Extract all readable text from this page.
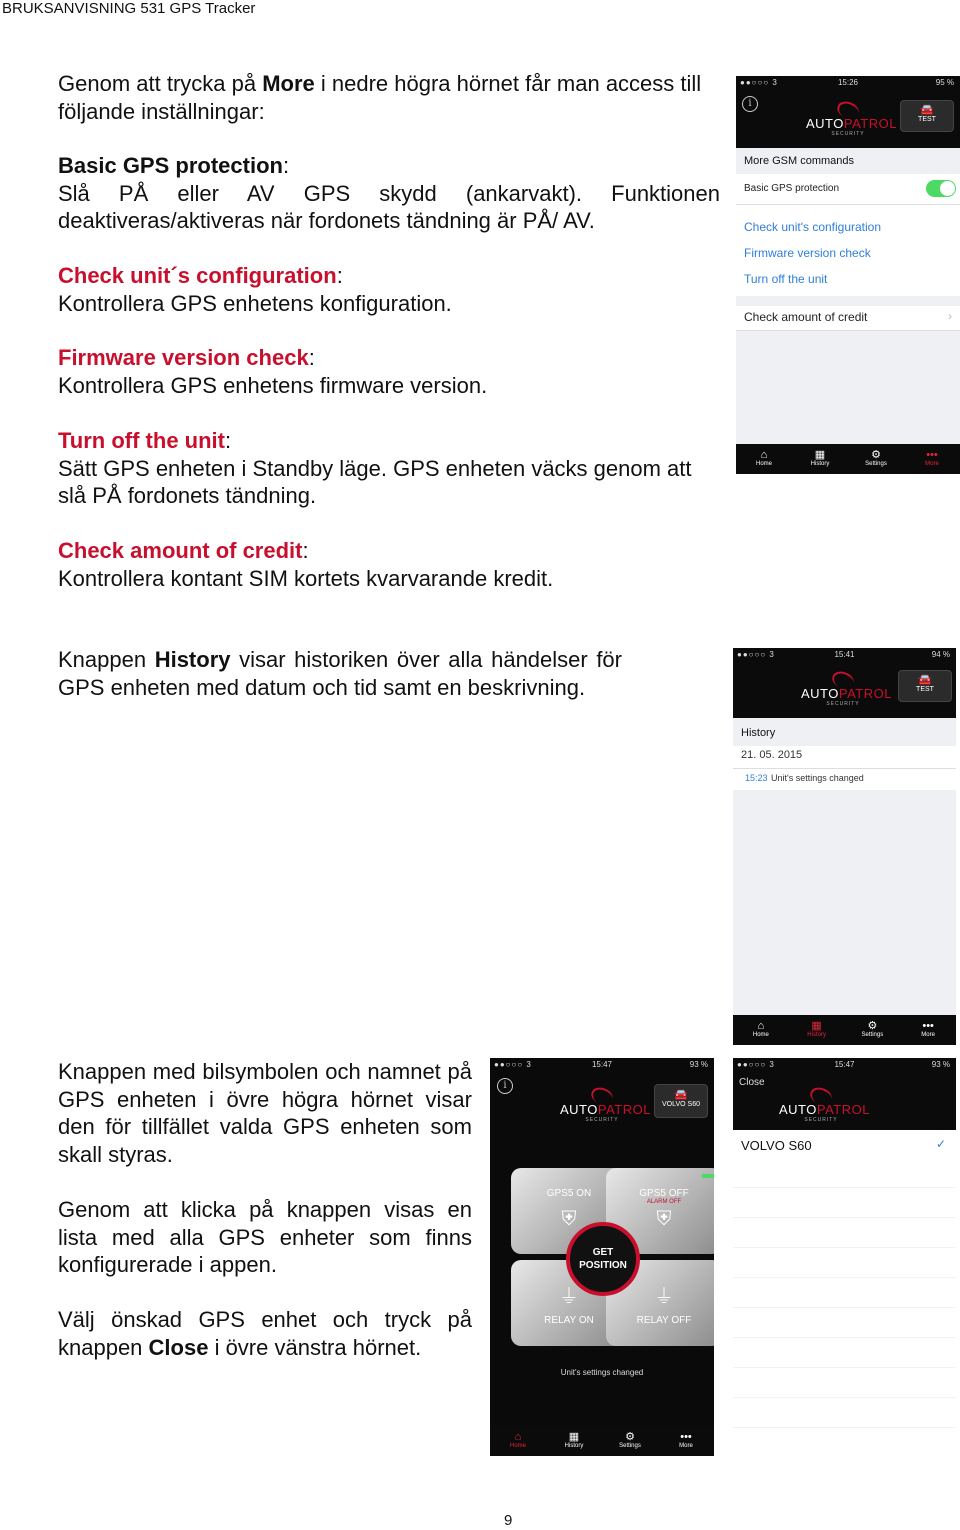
BRUKSANVISNING 531 GPS Tracker
Genom att trycka på More i nedre högra hörnet får man access till följande inställningar:
Basic GPS protection:
Slå PÅ eller AV GPS skydd (ankarvakt). Funktionen deaktiveras/aktiveras när fordonets tändning är PÅ/ AV.
Check unit´s configuration:
Kontrollera GPS enhetens konfiguration.
Firmware version check:
Kontrollera GPS enhetens firmware version.
Turn off the unit:
Sätt GPS enheten i Standby läge. GPS enheten väcks genom att slå PÅ fordonets tändning.
Check amount of credit:
Kontrollera kontant SIM kortets kvarvarande kredit.
●●○○○ 3	15:26	95 %
i
AUTOPATROL
SECURITY
🚘
TEST
More GSM commands
Basic GPS protection
Check unit's configuration
Firmware version check
Turn off the unit
Check amount of credit	›
⌂
Home
▦
History
⚙
Settings
•••
More
Knappen History visar historiken över alla händelser för GPS enheten med datum och tid samt en beskrivning.
●●○○○ 3	15:41	94 %
AUTOPATROL
SECURITY
🚘
TEST
History
21. 05. 2015
15:23 Unit's settings changed
⌂
Home
▦
History
⚙
Settings
•••
More
Knappen med bilsymbolen och namnet på GPS enheten i övre högra hörnet visar den för tillfället valda GPS enheten som skall styras.
Genom att klicka på knappen visas en lista med alla GPS enheter som finns konfigurerade i appen.
Välj önskad GPS enhet och tryck på knappen Close i övre vänstra hörnet.
●●○○○ 3	15:47	93 %
i
AUTOPATROL
SECURITY
🚘
VOLVO S60
GPS5 ON
⛨
GPS5 OFF
ALARM OFF
⛨
⏚
RELAY ON
⏚
RELAY OFF
GET
POSITION
Unit's settings changed
⌂
Home
▦
History
⚙
Settings
•••
More
●●○○○ 3	15:47	93 %
Close
AUTOPATROL
SECURITY
VOLVO S60	✓
9
